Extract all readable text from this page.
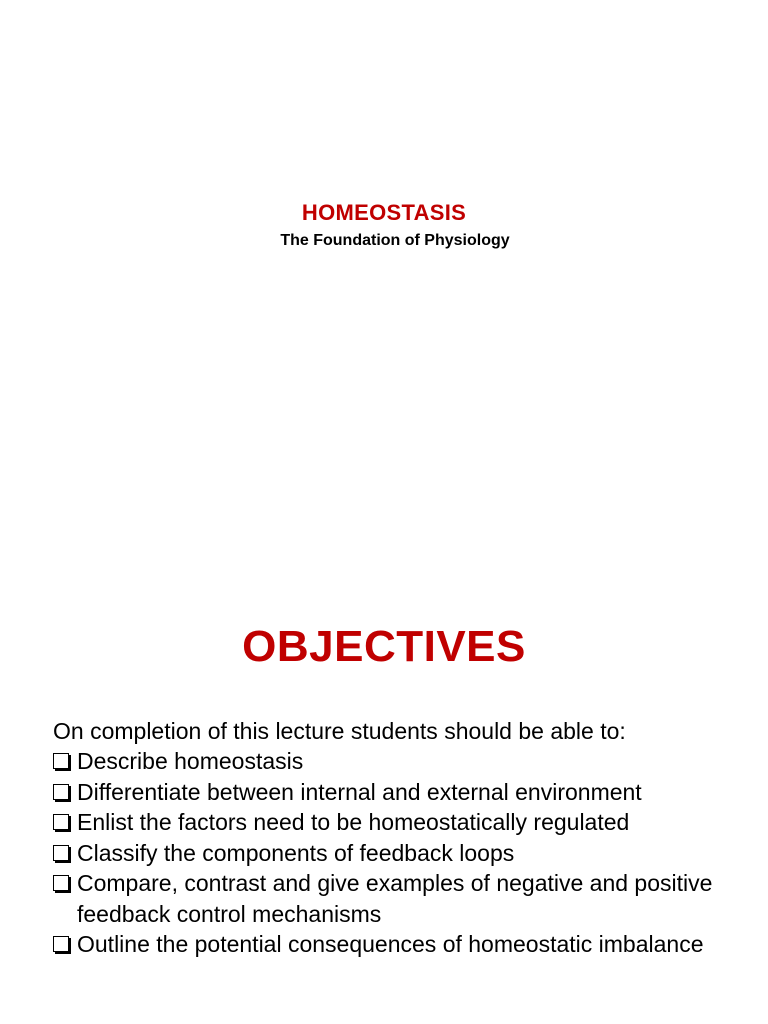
HOMEOSTASIS
The Foundation of Physiology
OBJECTIVES
On completion of this lecture students should be able to:
Describe homeostasis
Differentiate between internal and external environment
Enlist the factors need to be homeostatically regulated
Classify the components of feedback loops
Compare, contrast and give examples of negative and positive feedback control mechanisms
Outline the potential consequences of homeostatic imbalance
